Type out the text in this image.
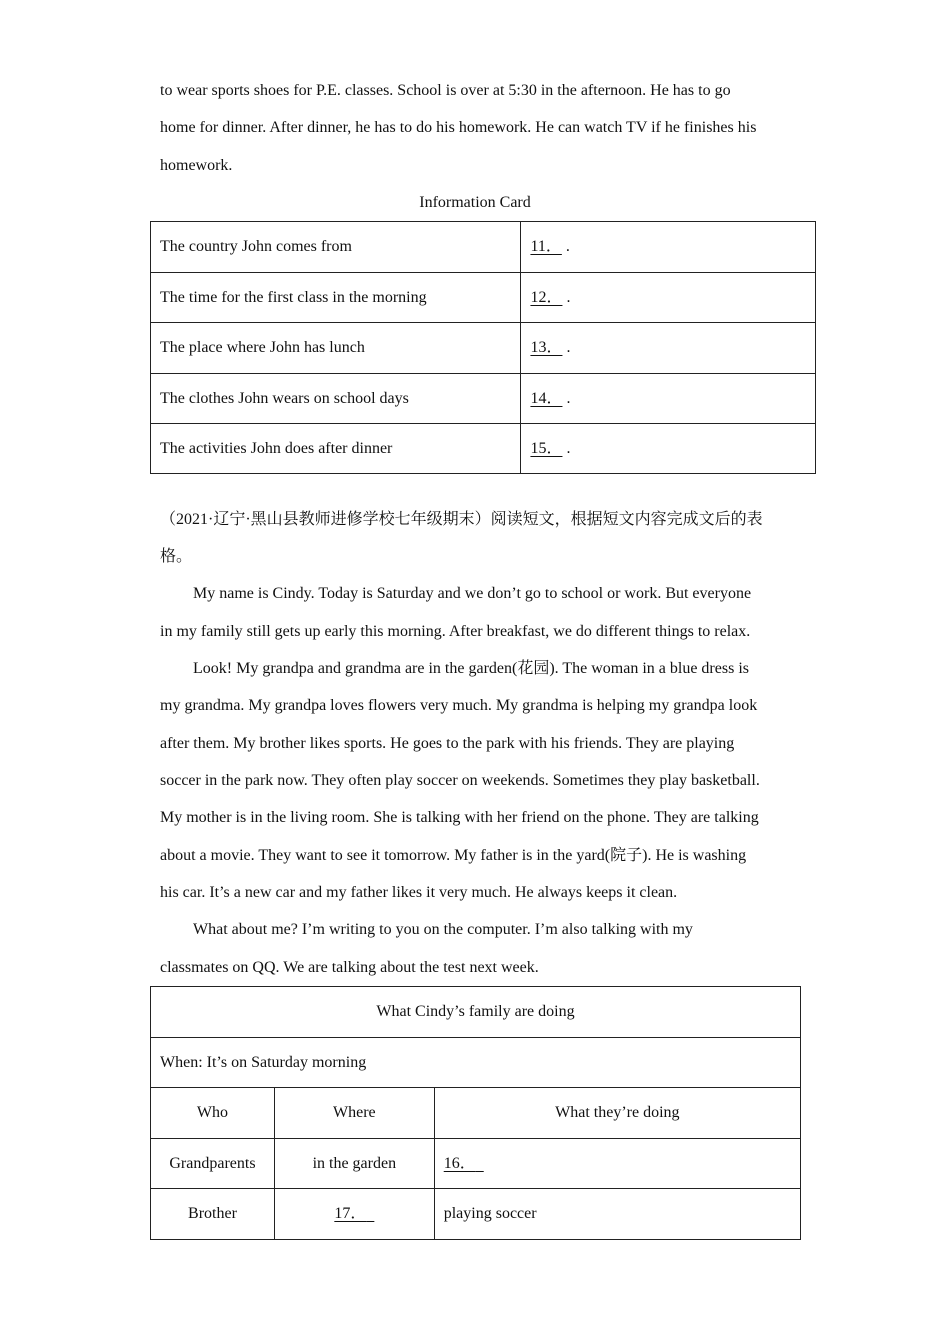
to wear sports shoes for P.E. classes. School is over at 5:30 in the afternoon. He has to go
home for dinner. After dinner, he has to do his homework. He can watch TV if he finishes his
homework.
Information Card
The country John comes from	11． .
The time for the first class in the morning	12． .
The place where John has lunch	13． .
The clothes John wears on school days	14． .
The activities John does after dinner	15． .
（2021·辽宁·黑山县教师进修学校七年级期末）阅读短文，根据短文内容完成文后的表
格。
My name is Cindy. Today is Saturday and we don’t go to school or work. But everyone
in my family still gets up early this morning. After breakfast, we do different things to relax.
Look! My grandpa and grandma are in the garden(花园). The woman in a blue dress is
my grandma. My grandpa loves flowers very much. My grandma is helping my grandpa look
after them. My brother likes sports. He goes to the park with his friends. They are playing
soccer in the park now. They often play soccer on weekends. Sometimes they play basketball.
My mother is in the living room. She is talking with her friend on the phone. They are talking
about a movie. They want to see it tomorrow. My father is in the yard(院子). He is washing
his car. It’s a new car and my father likes it very much. He always keeps it clean.
What about me? I’m writing to you on the computer. I’m also talking with my
classmates on QQ. We are talking about the test next week.
What Cindy’s family are doing		
When: It’s on Saturday morning		
Who	Where	What they’re doing
Grandparents	in the garden	16．
Brother	17．	playing soccer
